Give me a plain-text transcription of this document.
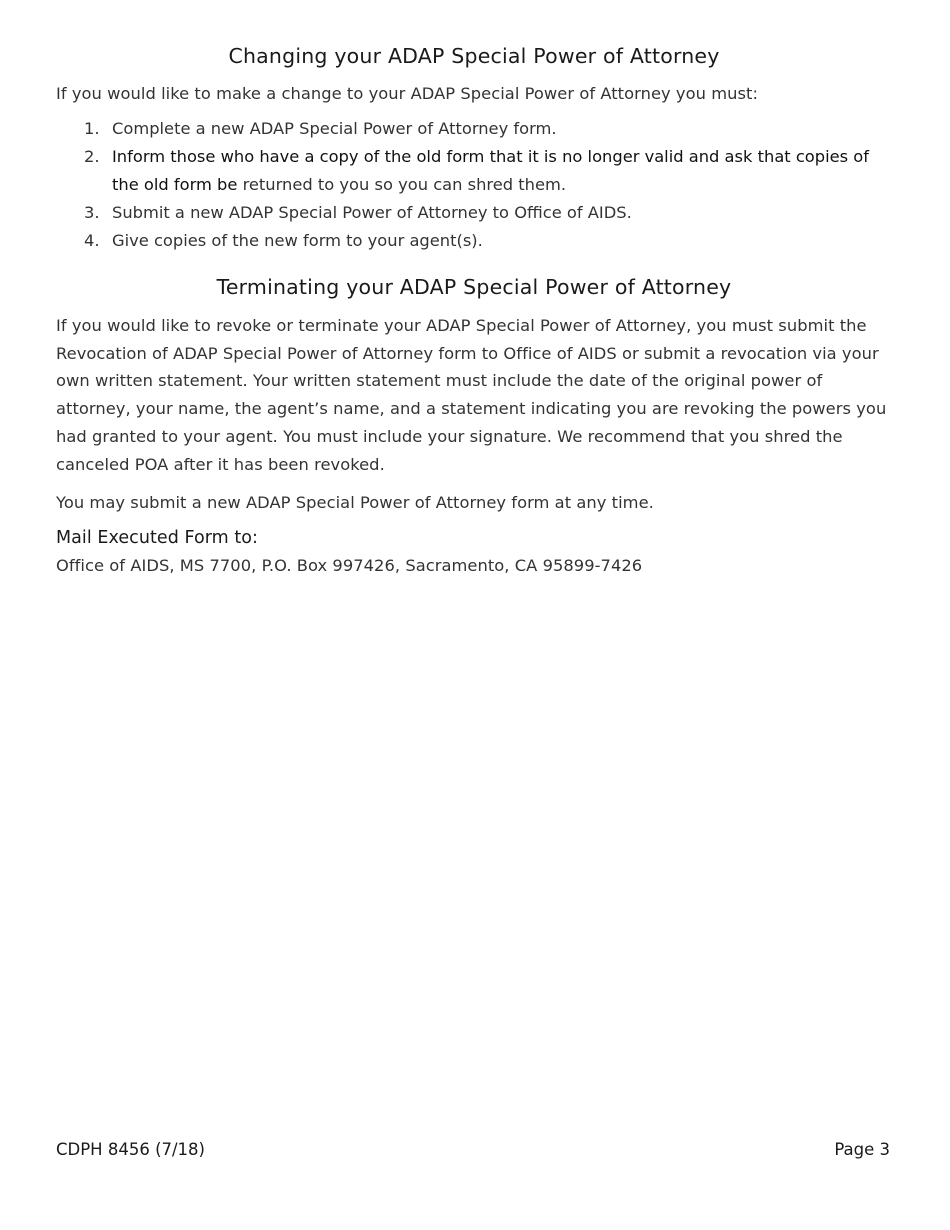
Changing your ADAP Special Power of Attorney

If you would like to make a change to your ADAP Special Power of Attorney you must:

1. Complete a new ADAP Special Power of Attorney form.
2. Inform those who have a copy of the old form that it is no longer valid and ask that copies of the old form be returned to you so you can shred them.
3. Submit a new ADAP Special Power of Attorney to Office of AIDS.
4. Give copies of the new form to your agent(s).
Terminating your ADAP Special Power of Attorney

If you would like to revoke or terminate your ADAP Special Power of Attorney, you must submit the Revocation of ADAP Special Power of Attorney form to Office of AIDS or submit a revocation via your own written statement. Your written statement must include the date of the original power of attorney, your name, the agent’s name, and a statement indicating you are revoking the powers you had granted to your agent. You must include your signature. We recommend that you shred the canceled POA after it has been revoked.

You may submit a new ADAP Special Power of Attorney form at any time.

Mail Executed Form to:

Office of AIDS, MS 7700, P.O. Box 997426, Sacramento, CA 95899-7426

CDPH 8456 (7/18)	Page 3
